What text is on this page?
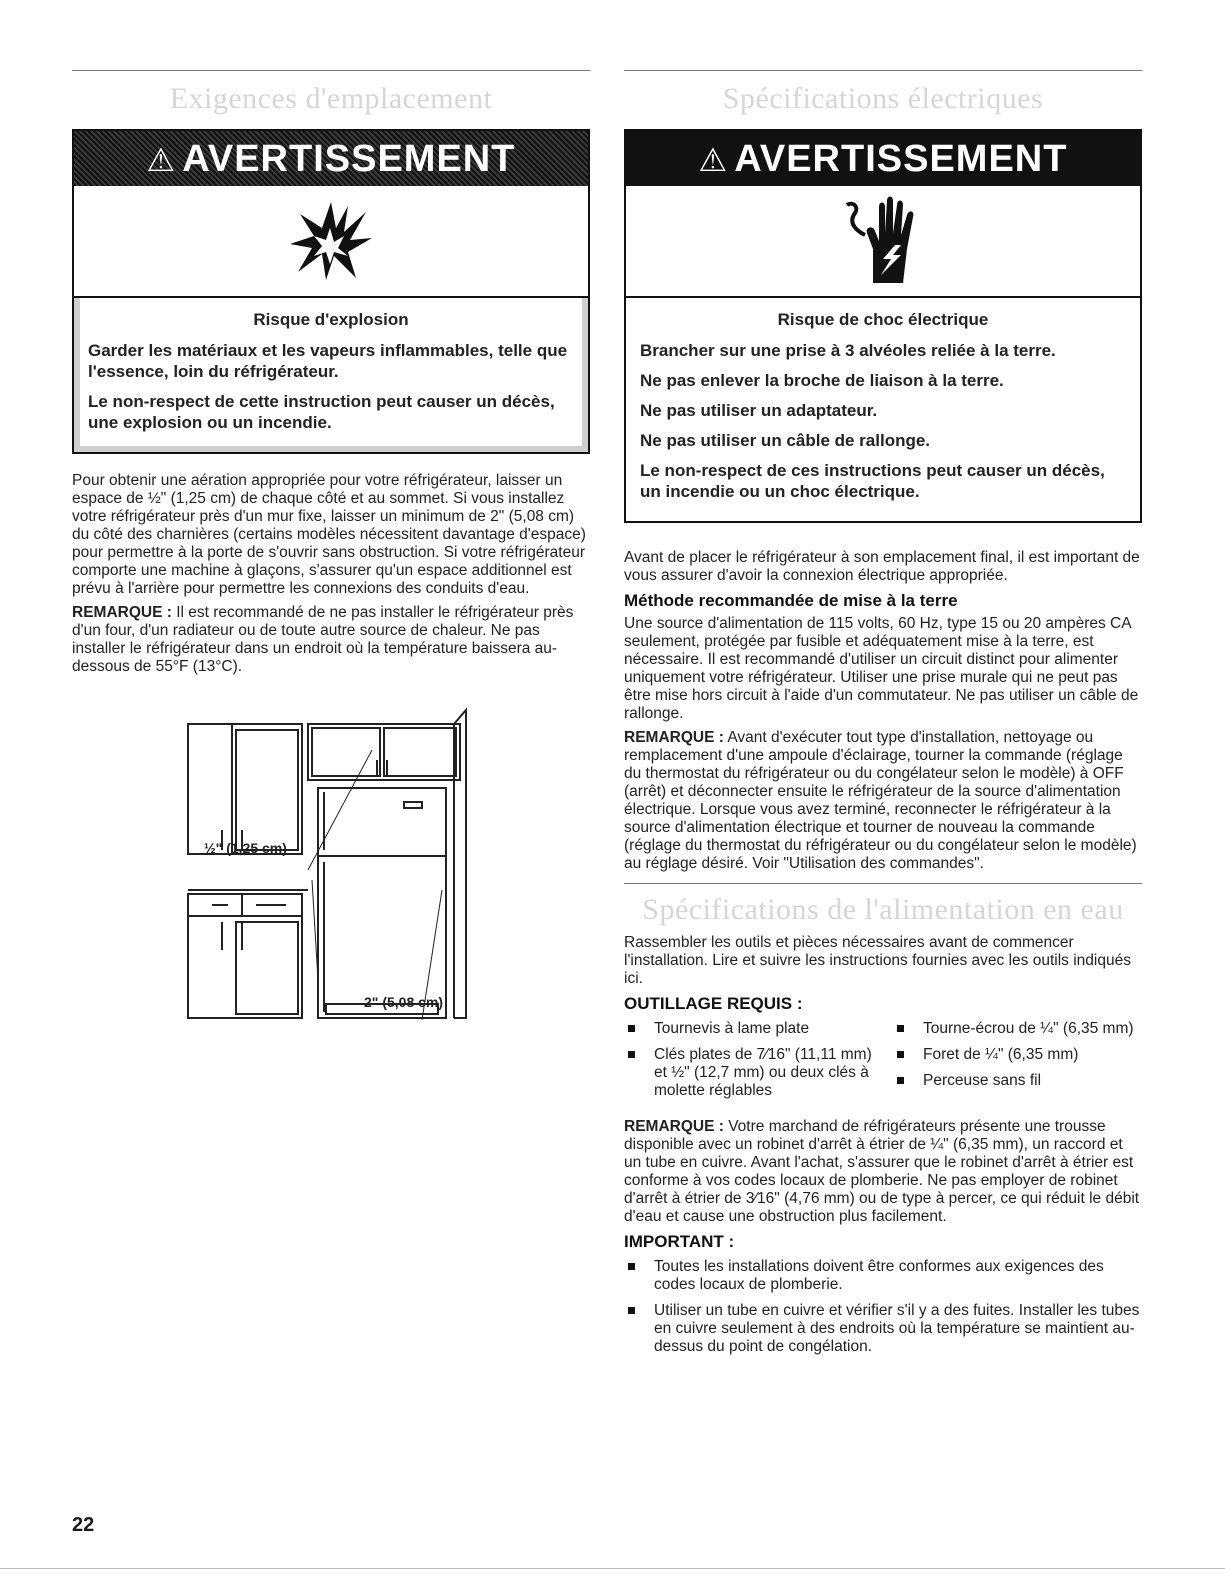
Exigences d'emplacement
⚠ AVERTISSEMENT
Risque d'explosion

Garder les matériaux et les vapeurs inflammables, telle que l'essence, loin du réfrigérateur.

Le non-respect de cette instruction peut causer un décès, une explosion ou un incendie.

Pour obtenir une aération appropriée pour votre réfrigérateur, laisser un espace de ½" (1,25 cm) de chaque côté et au sommet. Si vous installez votre réfrigérateur près d'un mur fixe, laisser un minimum de 2" (5,08 cm) du côté des charnières (certains modèles nécessitent davantage d'espace) pour permettre à la porte de s'ouvrir sans obstruction. Si votre réfrigérateur comporte une machine à glaçons, s'assurer qu'un espace additionnel est prévu à l'arrière pour permettre les connexions des conduits d'eau.

REMARQUE : Il est recommandé de ne pas installer le réfrigérateur près d'un four, d'un radiateur ou de toute autre source de chaleur. Ne pas installer le réfrigérateur dans un endroit où la température baissera au-dessous de 55°F (13°C).

½" (1,25 cm)
2" (5,08 cm)
Spécifications électriques
⚠ AVERTISSEMENT
Risque de choc électrique

Brancher sur une prise à 3 alvéoles reliée à la terre.

Ne pas enlever la broche de liaison à la terre.

Ne pas utiliser un adaptateur.

Ne pas utiliser un câble de rallonge.

Le non-respect de ces instructions peut causer un décès, un incendie ou un choc électrique.

Avant de placer le réfrigérateur à son emplacement final, il est important de vous assurer d'avoir la connexion électrique appropriée.

Méthode recommandée de mise à la terre

Une source d'alimentation de 115 volts, 60 Hz, type 15 ou 20 ampères CA seulement, protégée par fusible et adéquatement mise à la terre, est nécessaire. Il est recommandé d'utiliser un circuit distinct pour alimenter uniquement votre réfrigérateur. Utiliser une prise murale qui ne peut pas être mise hors circuit à l'aide d'un commutateur. Ne pas utiliser un câble de rallonge.

REMARQUE : Avant d'exécuter tout type d'installation, nettoyage ou remplacement d'une ampoule d'éclairage, tourner la commande (réglage du thermostat du réfrigérateur ou du congélateur selon le modèle) à OFF (arrêt) et déconnecter ensuite le réfrigérateur de la source d'alimentation électrique. Lorsque vous avez terminé, reconnecter le réfrigérateur à la source d'alimentation électrique et tourner de nouveau la commande (réglage du thermostat du réfrigérateur ou du congélateur selon le modèle) au réglage désiré. Voir "Utilisation des commandes".

Spécifications de l'alimentation en eau

Rassembler les outils et pièces nécessaires avant de commencer l'installation. Lire et suivre les instructions fournies avec les outils indiqués ici.

OUTILLAGE REQUIS :
Tournevis à lame plate
Clés plates de 7⁄16" (11,11 mm) et ½" (12,7 mm) ou deux clés à molette réglables
Tourne-écrou de ¼" (6,35 mm)
Foret de ¼" (6,35 mm)
Perceuse sans fil

REMARQUE : Votre marchand de réfrigérateurs présente une trousse disponible avec un robinet d'arrêt à étrier de ¼" (6,35 mm), un raccord et un tube en cuivre. Avant l'achat, s'assurer que le robinet d'arrêt à étrier est conforme à vos codes locaux de plomberie. Ne pas employer de robinet d'arrêt à étrier de 3⁄16" (4,76 mm) ou de type à percer, ce qui réduit le débit d'eau et cause une obstruction plus facilement.

IMPORTANT :
Toutes les installations doivent être conformes aux exigences des codes locaux de plomberie.
Utiliser un tube en cuivre et vérifier s'il y a des fuites. Installer les tubes en cuivre seulement à des endroits où la température se maintient au-dessus du point de congélation.
22
